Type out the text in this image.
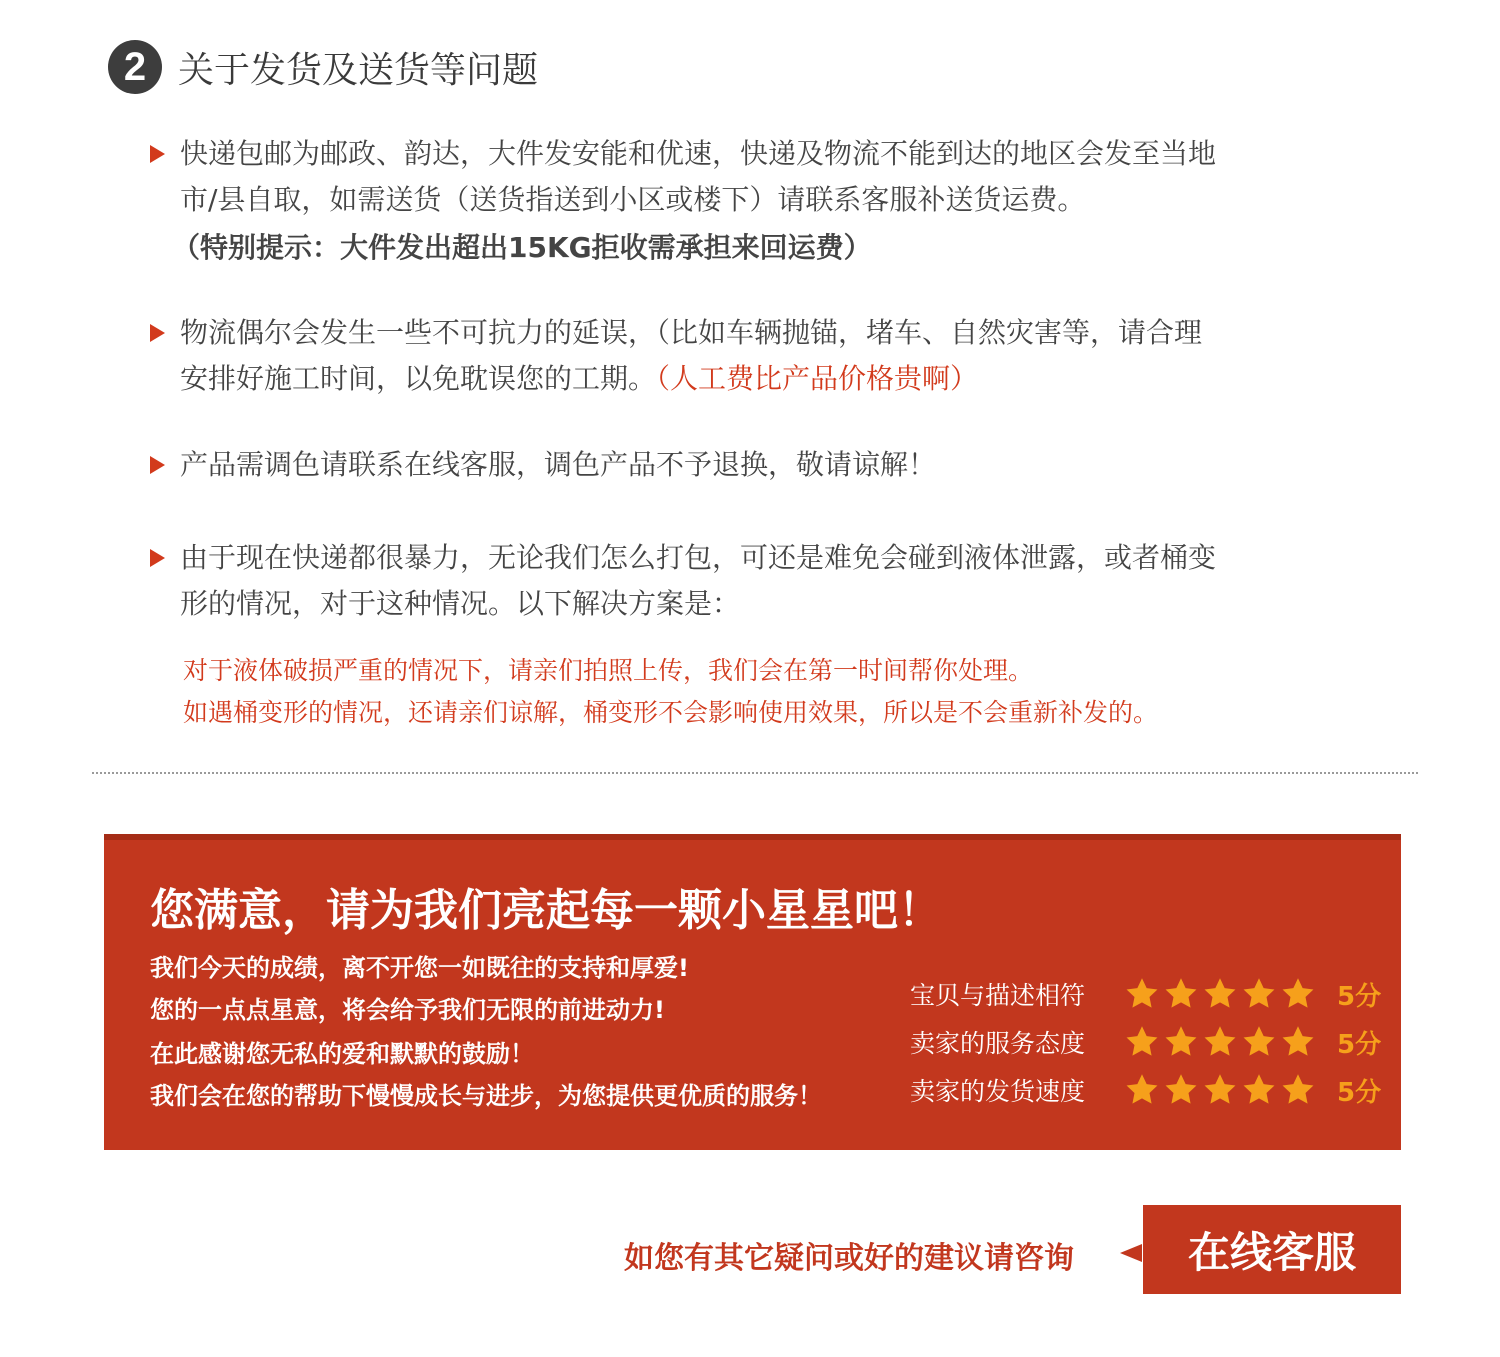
2 关于发货及送货等问题
快递包邮为邮政、韵达，大件发安能和优速，快递及物流不能到达的地区会发至当地
市/县自取，如需送货（送货指送到小区或楼下）请联系客服补送货运费。
（特别提示：大件发出超出15KG拒收需承担来回运费）
物流偶尔会发生一些不可抗力的延误，（比如车辆抛锚，堵车、自然灾害等，请合理
安排好施工时间，以免耽误您的工期。（人工费比产品价格贵啊）
产品需调色请联系在线客服，调色产品不予退换，敬请谅解！
由于现在快递都很暴力，无论我们怎么打包，可还是难免会碰到液体泄露，或者桶变
形的情况，对于这种情况。以下解决方案是：
对于液体破损严重的情况下，请亲们拍照上传，我们会在第一时间帮你处理。
如遇桶变形的情况，还请亲们谅解，桶变形不会影响使用效果，所以是不会重新补发的。
您满意，请为我们亮起每一颗小星星吧！
我们今天的成绩，离不开您一如既往的支持和厚爱!
您的一点点星意，将会给予我们无限的前进动力!
在此感谢您无私的爱和默默的鼓励！
我们会在您的帮助下慢慢成长与进步，为您提供更优质的服务！
宝贝与描述相符	5分
卖家的服务态度	5分
卖家的发货速度	5分
如您有其它疑问或好的建议请咨询	在线客服
